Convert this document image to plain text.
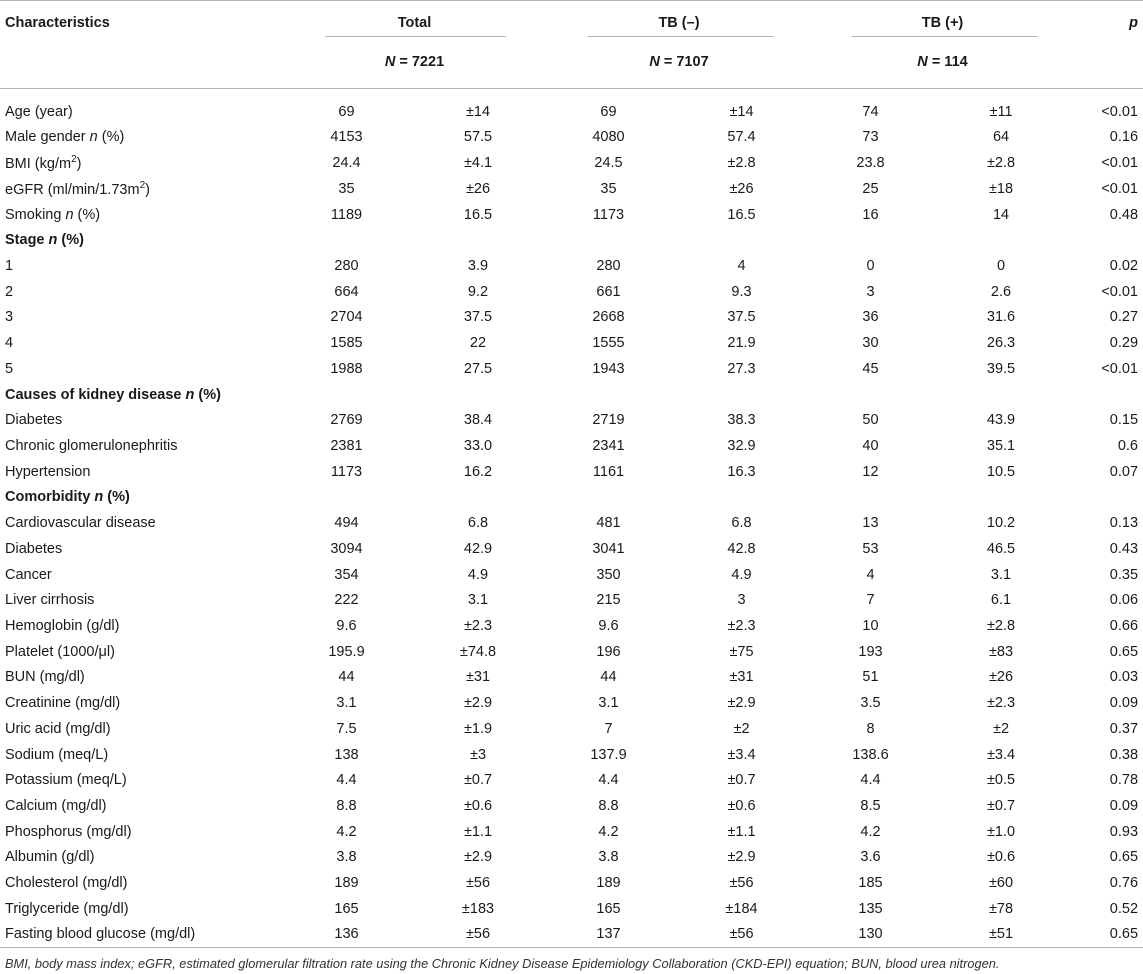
Characteristics	Total		TB (–)		TB (+)		p
	N = 7221		N = 7107		N = 114		
Age (year)	69	±14	69	±14	74	±11	<0.01
Male gender n (%)	4153	57.5	4080	57.4	73	64	0.16
BMI $(kg/m^2)$	24.4	±4.1	24.5	±2.8	23.8	±2.8	<0.01
eGFR $(ml/\min/1.73m^2)$	35	±26	35	±26	25	±18	<0.01
Smoking n (%)	1189	16.5	1173	16.5	16	14	0.48
Stage n (%)							
1	280	3.9	280	4	0	0	0.02
2	664	9.2	661	9.3	3	2.6	<0.01
3	2704	37.5	2668	37.5	36	31.6	0.27
4	1585	22	1555	21.9	30	26.3	0.29
5	1988	27.5	1943	27.3	45	39.5	<0.01
Causes of kidney disease n (%)							
Diabetes	2769	38.4	2719	38.3	50	43.9	0.15
Chronic glomerulonephritis	2381	33.0	2341	32.9	40	35.1	0.6
Hypertension	1173	16.2	1161	16.3	12	10.5	0.07
Comorbidity n (%)							
Cardiovascular disease	494	6.8	481	6.8	13	10.2	0.13
Diabetes	3094	42.9	3041	42.8	53	46.5	0.43
Cancer	354	4.9	350	4.9	4	3.1	0.35
Liver cirrhosis	222	3.1	215	3	7	6.1	0.06
Hemoglobin (g/dl)	9.6	±2.3	9.6	±2.3	10	±2.8	0.66
Platelet (1000/μl)	195.9	±74.8	196	±75	193	±83	0.65
BUN (mg/dl)	44	±31	44	±31	51	±26	0.03
Creatinine (mg/dl)	3.1	±2.9	3.1	±2.9	3.5	±2.3	0.09
Uric acid (mg/dl)	7.5	±1.9	7	±2	8	±2	0.37
Sodium (meq/L)	138	±3	137.9	±3.4	138.6	±3.4	0.38
Potassium (meq/L)	4.4	±0.7	4.4	±0.7	4.4	±0.5	0.78
Calcium (mg/dl)	8.8	±0.6	8.8	±0.6	8.5	±0.7	0.09
Phosphorus (mg/dl)	4.2	±1.1	4.2	±1.1	4.2	±1.0	0.93
Albumin (g/dl)	3.8	±2.9	3.8	±2.9	3.6	±0.6	0.65
Cholesterol (mg/dl)	189	±56	189	±56	185	±60	0.76
Triglyceride (mg/dl)	165	±183	165	±184	135	±78	0.52
Fasting blood glucose (mg/dl)	136	±56	137	±56	130	±51	0.65
BMI, body mass index; eGFR, estimated glomerular filtration rate using the Chronic Kidney Disease Epidemiology Collaboration (CKD-EPI) equation; BUN, blood urea nitrogen.
